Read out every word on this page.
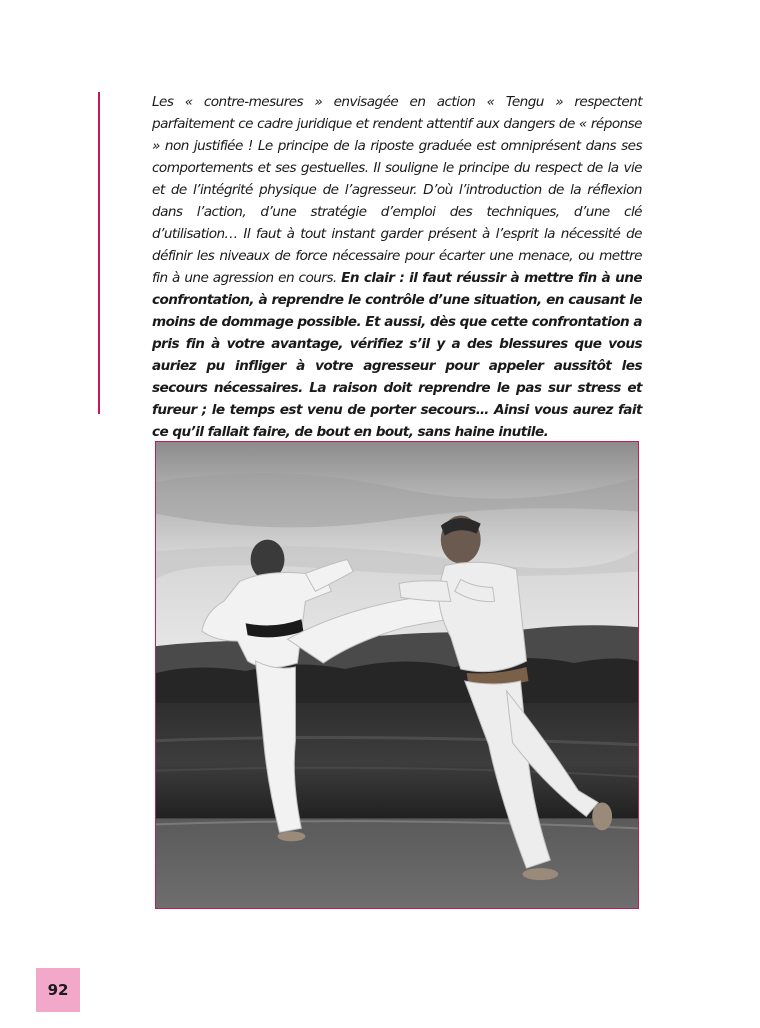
Les « contre-mesures » envisagée en action « Tengu » respectent parfaitement ce cadre juridique et rendent attentif aux dangers de « réponse » non justifiée ! Le principe de la riposte graduée est omniprésent dans ses comportements et ses gestuelles. Il souligne le principe du respect de la vie et de l’intégrité physique de l’agresseur. D’où l’introduction de la réflexion dans l’action, d’une stratégie d’emploi des techniques, d’une clé d’utilisation… Il faut à tout instant garder présent à l’esprit la nécessité de définir les niveaux de force nécessaire pour écarter une menace, ou mettre fin à une agression en cours. En clair : il faut réussir à mettre fin à une confrontation, à reprendre le contrôle d’une situation, en causant le moins de dommage possible. Et aussi, dès que cette confrontation a pris fin à votre avantage, vérifiez s’il y a des blessures que vous auriez pu infliger à votre agresseur pour appeler aussitôt les secours nécessaires. La raison doit reprendre le pas sur stress et fureur ; le temps est venu de porter secours… Ainsi vous aurez fait ce qu’il fallait faire, de bout en bout, sans haine inutile.

92
